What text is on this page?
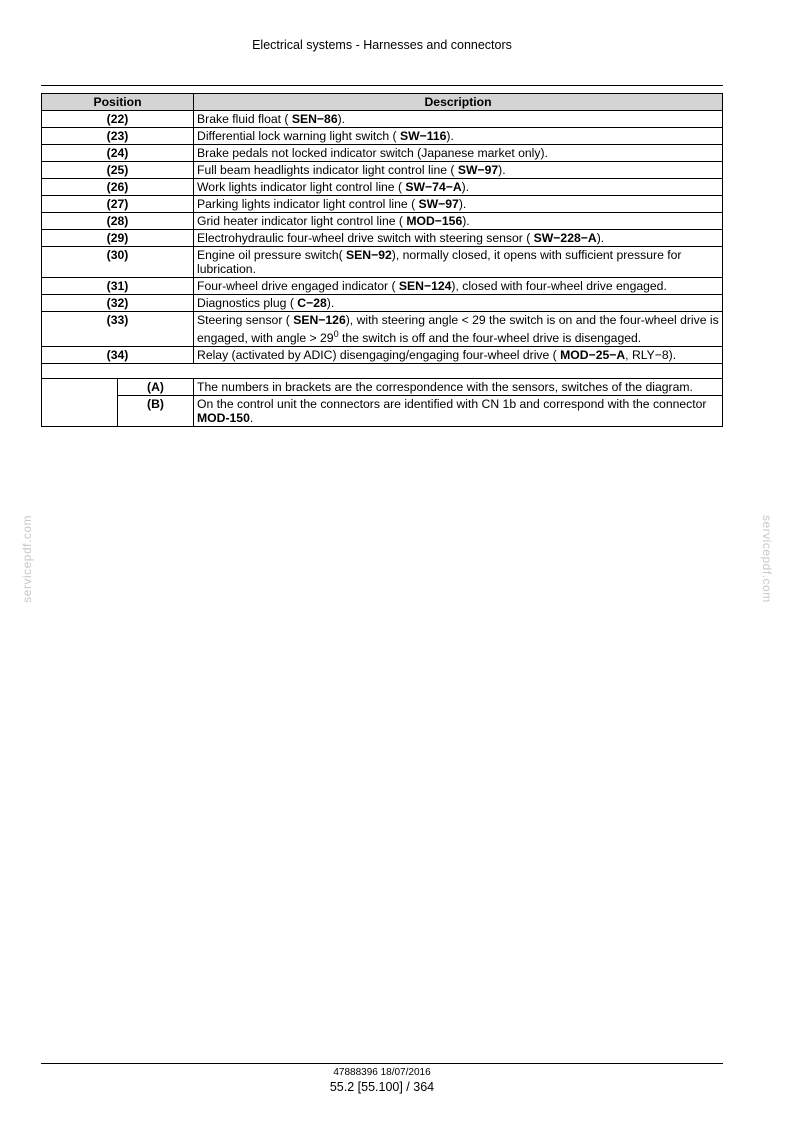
Electrical systems - Harnesses and connectors
Position		Description
(22)		Brake fluid float ( SEN−86).
(23)		Differential lock warning light switch ( SW−116).
(24)		Brake pedals not locked indicator switch (Japanese market only).
(25)		Full beam headlights indicator light control line ( SW−97).
(26)		Work lights indicator light control line ( SW−74−A).
(27)		Parking lights indicator light control line ( SW−97).
(28)		Grid heater indicator light control line ( MOD−156).
(29)		Electrohydraulic four-wheel drive switch with steering sensor ( SW−228−A).
(30)		Engine oil pressure switch( SEN−92), normally closed, it opens with sufficient pressure for lubrication.
(31)		Four-wheel drive engaged indicator ( SEN−124), closed with four-wheel drive engaged.
(32)		Diagnostics plug ( C−28).
(33)		Steering sensor ( SEN−126), with steering angle < 29 the switch is on and the four-wheel drive is engaged, with angle > $29^0$ the switch is off and the four-wheel drive is disengaged.
(34)		Relay (activated by ADIC) disengaging/engaging four-wheel drive ( MOD−25−A, RLY−8).

	(A)	The numbers in brackets are the correspondence with the sensors, switches of the diagram.
	(B)	On the control unit the connectors are identified with CN 1b and correspond with the connector MOD-150.
servicepdf.com	servicepdf.com
47888396 18/07/2016
55.2 [55.100] / 364
